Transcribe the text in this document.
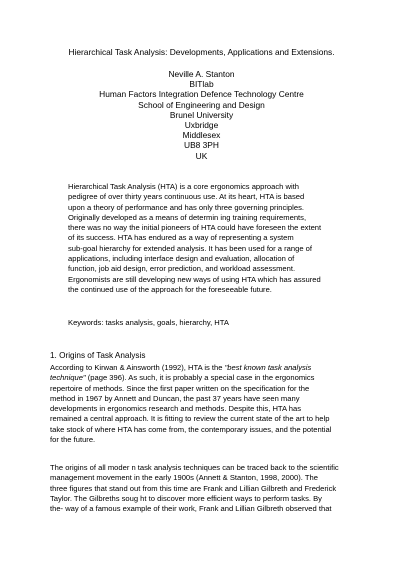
Hierarchical Task Analysis: Developments, Applications and Extensions.
Neville A. Stanton
BITlab
Human Factors Integration Defence Technology Centre
School of Engineering and Design
Brunel University
Uxbridge
Middlesex
UB8 3PH
UK
Hierarchical Task Analysis (HTA) is a core ergonomics approach with
pedigree of over thirty years continuous use. At its heart, HTA is based
upon a theory of performance and has only three governing principles.
Originally developed as a means of determin ing training requirements,
there was no way the initial pioneers of HTA could have foreseen the extent
of its success. HTA has endured as a way of representing a system
sub-goal hierarchy for extended analysis. It has been used for a range of
applications, including interface design and evaluation, allocation of
function, job aid design, error prediction, and workload assessment.
Ergonomists are still developing new ways of using HTA which has assured
the continued use of the approach for the foreseeable future.
Keywords: tasks analysis, goals, hierarchy, HTA
1. Origins of Task Analysis
According to Kirwan & Ainsworth (1992), HTA is the "best known task analysis
technique" (page 396). As such, it is probably a special case in the ergonomics
repertoire of methods. Since the first paper written on the specification for the
method in 1967 by Annett and Duncan, the past 37 years have seen many
developments in ergonomics research and methods. Despite this, HTA has
remained a central approach. It is fitting to review the current state of the art to help
take stock of where HTA has come from, the contemporary issues, and the potential
for the future.
The origins of all moder n task analysis techniques can be traced back to the scientific
management movement in the early 1900s (Annett & Stanton, 1998, 2000). The
three figures that stand out from this time are Frank and Lillian Gilbreth and Frederick
Taylor. The Gilbreths soug ht to discover more efficient ways to perform tasks. By
the- way of a famous example of their work, Frank and Lillian Gilbreth observed that
